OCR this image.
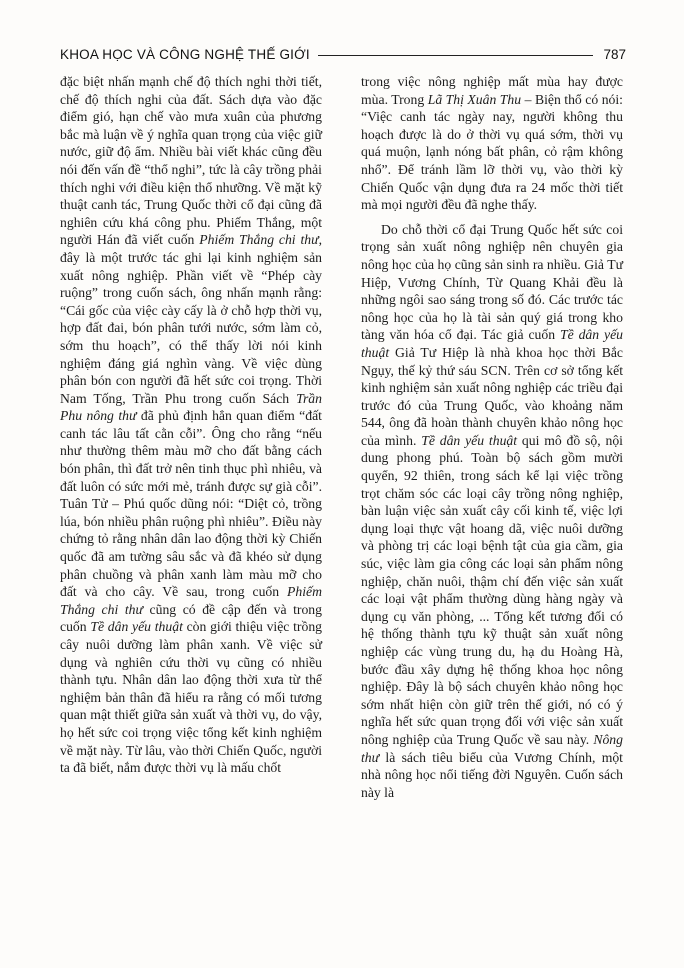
KHOA HỌC VÀ CÔNG NGHỆ THẾ GIỚI	787

đặc biệt nhấn mạnh chế độ thích nghi thời tiết, chế độ thích nghi của đất. Sách dựa vào đặc điểm gió, hạn chế vào mưa xuân của phương bắc mà luận về ý nghĩa quan trọng của việc giữ nước, giữ độ ẩm. Nhiều bài viết khác cũng đều nói đến vấn đề “thổ nghi”, tức là cây trồng phải thích nghi với điều kiện thổ nhưỡng. Về mặt kỹ thuật canh tác, Trung Quốc thời cổ đại cũng đã nghiên cứu khá công phu. Phiếm Thắng, một người Hán đã viết cuốn Phiếm Thắng chi thư, đây là một trước tác ghi lại kinh nghiệm sản xuất nông nghiệp. Phần viết về “Phép cày ruộng” trong cuốn sách, ông nhấn mạnh rằng: “Cái gốc của việc cày cấy là ở chỗ hợp thời vụ, hợp đất đai, bón phân tưới nước, sớm làm cỏ, sớm thu hoạch”, có thể thấy lời nói kinh nghiệm đáng giá nghìn vàng. Về việc dùng phân bón con người đã hết sức coi trọng. Thời Nam Tống, Trần Phu trong cuốn Sách Trần Phu nông thư đã phủ định hẳn quan điểm “đất canh tác lâu tất cằn cỗi”. Ông cho rằng “nếu như thường thêm màu mỡ cho đất bằng cách bón phân, thì đất trở nên tinh thục phì nhiêu, và đất luôn có sức mới mẻ, tránh được sự già cỗi”. Tuân Tử – Phú quốc dũng nói: “Diệt cỏ, trồng lúa, bón nhiều phân ruộng phì nhiêu”. Điều này chứng tỏ rằng nhân dân lao động thời kỳ Chiến quốc đã am tường sâu sắc và đã khéo sử dụng phân chuồng và phân xanh làm màu mỡ cho đất và cho cây. Về sau, trong cuốn Phiếm Thắng chi thư cũng có đề cập đến và trong cuốn Tề dân yếu thuật còn giới thiệu việc trồng cây nuôi dưỡng làm phân xanh. Về việc sử dụng và nghiên cứu thời vụ cũng có nhiều thành tựu. Nhân dân lao động thời xưa từ thể nghiệm bản thân đã hiểu ra rằng có mối tương quan mật thiết giữa sản xuất và thời vụ, do vậy, họ hết sức coi trọng việc tổng kết kinh nghiệm về mặt này. Từ lâu, vào thời Chiến Quốc, người ta đã biết, nắm được thời vụ là mấu chốt

trong việc nông nghiệp mất mùa hay được mùa. Trong Lã Thị Xuân Thu – Biện thổ có nói: “Việc canh tác ngày nay, người không thu hoạch được là do ở thời vụ quá sớm, thời vụ quá muộn, lạnh nóng bất phân, cỏ rậm không nhổ”. Để tránh lầm lỡ thời vụ, vào thời kỳ Chiến Quốc vận dụng đưa ra 24 mốc thời tiết mà mọi người đều đã nghe thấy.

Do chỗ thời cổ đại Trung Quốc hết sức coi trọng sản xuất nông nghiệp nên chuyên gia nông học của họ cũng sản sinh ra nhiều. Giả Tư Hiệp, Vương Chính, Từ Quang Khải đều là những ngôi sao sáng trong số đó. Các trước tác nông học của họ là tài sản quý giá trong kho tàng văn hóa cổ đại. Tác giả cuốn Tề dân yếu thuật Giả Tư Hiệp là nhà khoa học thời Bắc Ngụy, thế kỷ thứ sáu SCN. Trên cơ sở tổng kết kinh nghiệm sản xuất nông nghiệp các triều đại trước đó của Trung Quốc, vào khoảng năm 544, ông đã hoàn thành chuyên khảo nông học của mình. Tề dân yếu thuật qui mô đồ sộ, nội dung phong phú. Toàn bộ sách gồm mười quyển, 92 thiên, trong sách kể lại việc trồng trọt chăm sóc các loại cây trồng nông nghiệp, bàn luận việc sản xuất cây cối kinh tế, việc lợi dụng loại thực vật hoang dã, việc nuôi dưỡng và phòng trị các loại bệnh tật của gia cầm, gia súc, việc làm gia công các loại sản phẩm nông nghiệp, chăn nuôi, thậm chí đến việc sản xuất các loại vật phẩm thường dùng hàng ngày và dụng cụ văn phòng, ... Tổng kết tương đối có hệ thống thành tựu kỹ thuật sản xuất nông nghiệp các vùng trung du, hạ du Hoàng Hà, bước đầu xây dựng hệ thống khoa học nông nghiệp. Đây là bộ sách chuyên khảo nông học sớm nhất hiện còn giữ trên thế giới, nó có ý nghĩa hết sức quan trọng đối với việc sản xuất nông nghiệp của Trung Quốc về sau này. Nông thư là sách tiêu biểu của Vương Chính, một nhà nông học nổi tiếng đời Nguyên. Cuốn sách này là
